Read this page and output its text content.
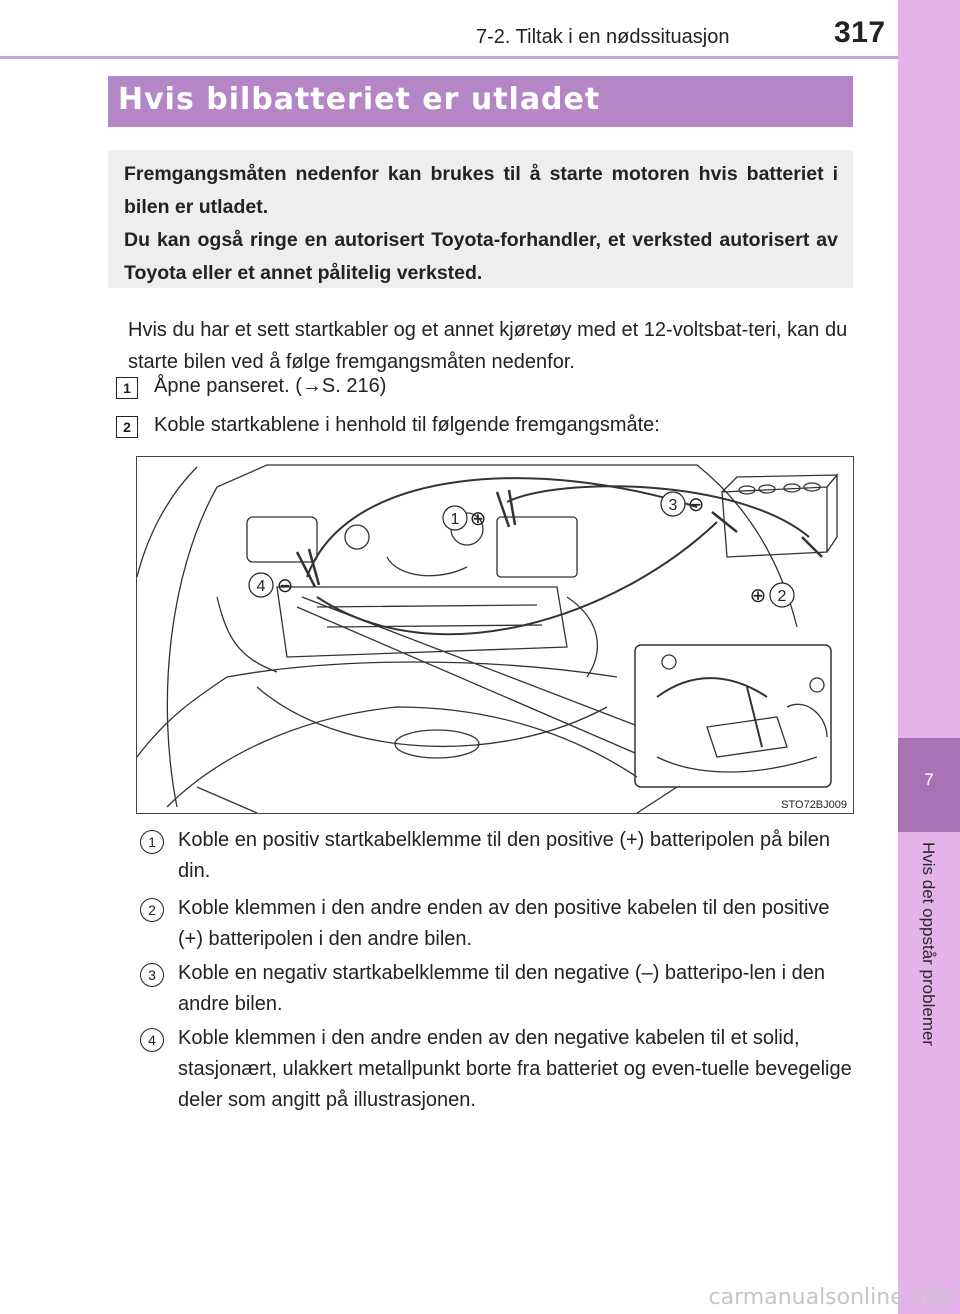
7-2. Tiltak i en nødssituasjon	317
7
Hvis det oppstår problemer
Hvis bilbatteriet er utladet

Fremgangsmåten nedenfor kan brukes til å starte motoren hvis batteriet i bilen er utladet.

Du kan også ringe en autorisert Toyota-forhandler, et verksted autorisert av Toyota eller et annet pålitelig verksted.

Hvis du har et sett startkabler og et annet kjøretøy med et 12-voltsbat-teri, kan du starte bilen ved å følge fremgangsmåten nedenfor.

1	Åpne panseret. (→S. 216)
2	Koble startkablene i henhold til følgende fremgangsmåte:
1 ⊕
2
⊕
3 ⊖
4 ⊖
STO72BJ009
1	Koble en positiv startkabelklemme til den positive (+) batteripolen på bilen din.
2	Koble klemmen i den andre enden av den positive kabelen til den positive (+) batteripolen i den andre bilen.
3	Koble en negativ startkabelklemme til den negative (–) batteripo-len i den andre bilen.
4	Koble klemmen i den andre enden av den negative kabelen til et solid, stasjonært, ulakkert metallpunkt borte fra batteriet og even-tuelle bevegelige deler som angitt på illustrasjonen.
carmanualsonline.info
